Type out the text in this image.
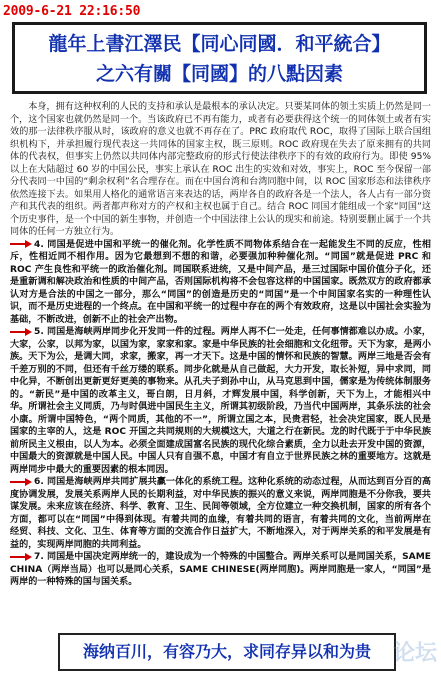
2009-6-21 22:16:50
龍年上書江澤民【同心同國．和平統合】
之六有關【同國】的八點因素

本身，拥有这种权利的人民的支持和承认是最根本的承认决定。只要某同体的领土实质上仍然是同一个，这个国家也就仍然是同一个。当该政府已不再有能力，或者有必要获得这个统一的同体领土或者有实效的那一法律秩序服从时，该政府的意义也就不再存在了。PRC 政府取代 ROC，取得了国际上联合国组织机构下，并承担履行现代表这一共同体的国家主权，既三原则。ROC 政府现在失去了原来拥有的共同体的代表权，但事实上仍然以共同体内部完整政府的形式行使法律秩序下的有效的政府行为。即使 95%以上在大陆超过 60 岁的中国公民，事实上承认在 ROC 出生的实效和对效，事实上，ROC 至今保留一部分代表同一中国的“剩余权利”名合理存在。而在中国台湾和台湾同胞中间，以 ROC 国家形态和法律秩序依然连接下去。如果用人格化的通常语言来表达的话，两岸各自的政府各是一个法人，各人占有一部分资产和其代表的组织。两者都声称对方的产权和主权也属于自己。结合 ROC 同国才能组成一个家“同国”这个历史事件，是一个中国的新生事物，并创造一个中国法律上公认的现实和前途。特别要删止属于一个共同体的任何一方独立行为。

4. 同国是促进中国和平统一的催化剂。化学性质不同物体系结合在一起能发生不同的反应，性相斥，性相近同不相作用。因为它最想到不想的和谐，必要强加种种催化剂。“同国”就是促进 PRC 和 ROC 产生良性和平统一的政治催化剂。同国联系进统，又是中间产品，是三过国际中国价值分子化，还是重新调和解决政治和性质的中间产品，否则国际机构将不会包容这样的中国国家。既然双方的政府都承认对方是合法的中国之一部分，那么“同国”的创造是历史的“同国”是一个中间国家名实的一种理性认识，而不是历史进程的一个终点。在中国和平统一的过程中存在的两个有效政府，这是以中国社会实验为基础，不断改进，创新不止的社会产出物。

5. 同国是海峡两岸同步化开发同一件的过程。两岸人再不仁一处走，任何事情都难以办成。小家，大家，公家，以邦为家，以国为家，家家和家。家是中华民族的社会细胞和文化纽带。天下为家，是两小族。天下为公，是调大同，求家，搬家，再一才天下。这是中国的情怀和民族的智慧。两岸三地是否会有千差万别的不同，但还有千丝万缕的联系。同步化就是从自己做起，大力开发，取长补短，异中求同，同中化异，不断创出更新更好更美的事物来。从孔夫子到孙中山，从马克思到中国，儒家是为传统体制服务的。“新民”是中国的改革主义，哥白朗，日月斜，才辉发展中国，科学创新，天下为上，才能相兴中华。所谓社会主义同质，乃与时俱进中国民生主义，所谓其初级阶段，乃当代中国两岸，其条乐法的社会小康。所谓中国特色，“两个同质，其他的不一”，所谓立国之本，民贵君轻，社会决定国家，既人民是国家的主宰的人，这是 ROC 开国之共同规则的大规模这大，大道之行在新民。龙的时代既于于中华民族前所民主义根由，以人为本。必须全面建成国富名民族的现代化综合素质，全力以赴去开发中国的资源，中国最大的资源就是中国人民。中国人只有自强不息，中国才有自立于世界民族之林的重要地方。这就是两岸同步中最大的重要因素的根本同因。

6. 同国是海峡两岸共同扩展共赢一体化的系统工程。这种化系统的动态过程，从而达到百分百的高度协调发展，发展关系两岸人民的长期利益，对中华民族的振兴的意义来说，两岸同胞是不分你我，要共谋发展。未来应该在经济、科学、教育、卫生、民间等领域，全方位建立一种交换机制，国家的所有各个方面，都可以在“同国”中得到体现。有着共同的血缘，有着共同的语言，有着共同的文化，当前两岸在经贸、科技、文化、卫生、体育等方面的交流合作日益扩大，不断地深入，对于两岸关系的和平发展是有益的，实现两岸同胞的共同利益。

7. 同国是中国决定两岸统一的，建设成为一个特殊的中国整合。两岸关系可以是同国关系，SAME CHINA（两岸当局）也可以是同心关系，SAME CHINESE(两岸同胞)。两岸同胞是一家人，“同国”是两岸的一种特殊的国与国关系。

海纳百川，有容乃大，求同存异以和为贵 论坛
